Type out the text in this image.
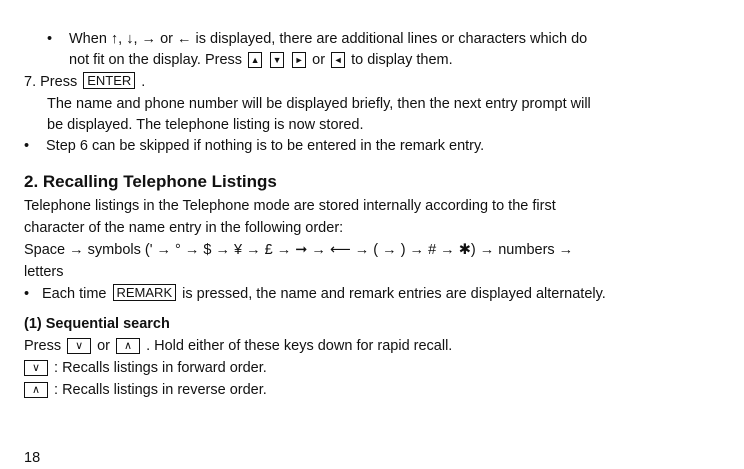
• When ↑, ↓, → or ← is displayed, there are additional lines or characters which do
not fit on the display. Press ▲ ▼ ► or ◄ to display them.
7. Press ENTER .
The name and phone number will be displayed briefly, then the next entry prompt will
be displayed. The telephone listing is now stored.
• Step 6 can be skipped if nothing is to be entered in the remark entry.
2. Recalling Telephone Listings
Telephone listings in the Telephone mode are stored internally according to the first
character of the name entry in the following order:
Space → symbols (' → ° → $ → ¥ → £ → ➞ → ⟵ → ( → ) → # → ✱) → numbers →
letters
• Each time REMARK is pressed, the name and remark entries are displayed alternately.
(1) Sequential search
Press ∨ or ∧ . Hold either of these keys down for rapid recall.
∨ : Recalls listings in forward order.
∧ : Recalls listings in reverse order.
18
